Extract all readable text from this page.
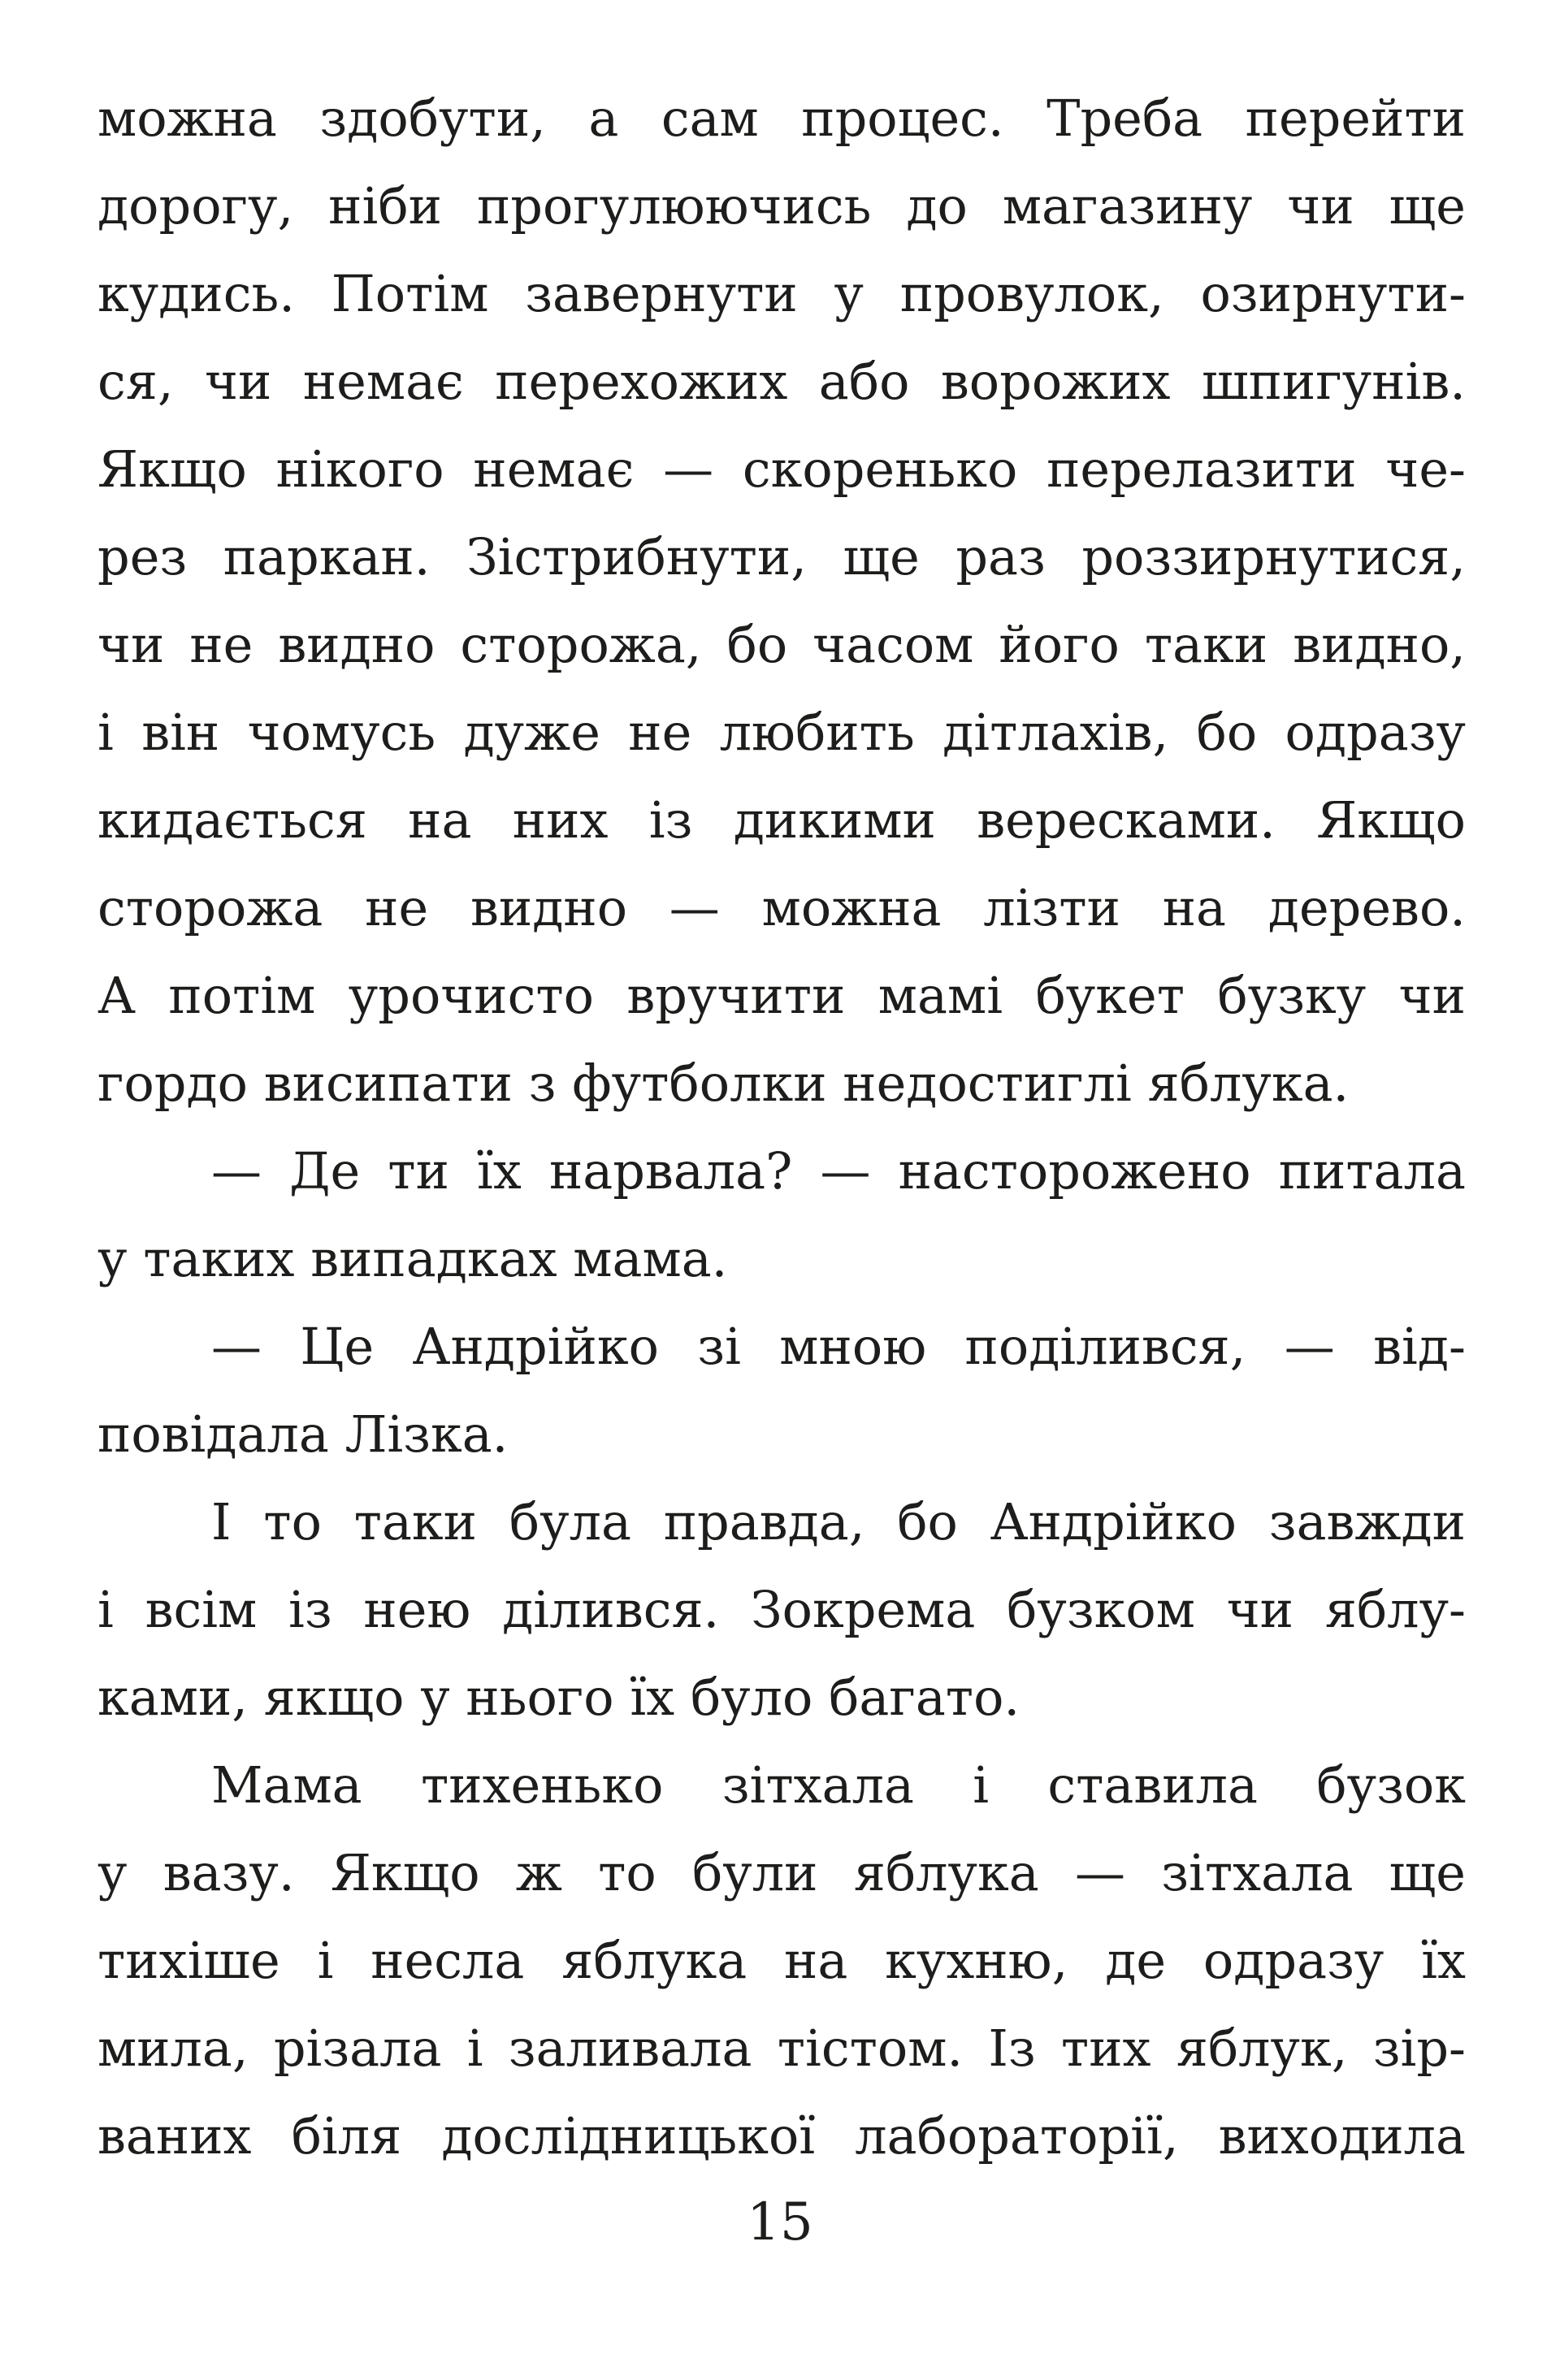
можна здобути, а сам процес. Треба перейти
дорогу, ніби прогулюючись до магазину чи ще
кудись. Потім завернути у провулок, озирнути-
ся, чи немає перехожих або ворожих шпигунів.
Якщо нікого немає — скоренько перелазити че-
рез паркан. Зістрибнути, ще раз роззирнутися,
чи не видно сторожа, бо часом його таки видно,
і він чомусь дуже не любить дітлахів, бо одразу
кидається на них із дикими вересками. Якщо
сторожа не видно — можна лізти на дерево.
А потім урочисто вручити мамі букет бузку чи
гордо висипати з футболки недостиглі яблука.
— Де ти їх нарвала? — насторожено питала
у таких випадках мама.
— Це Андрійко зі мною поділився, — від-
повідала Лізка.
І то таки була правда, бо Андрійко завжди
і всім із нею ділився. Зокрема бузком чи яблу-
ками, якщо у нього їх було багато.
Мама тихенько зітхала і ставила бузок
у вазу. Якщо ж то були яблука — зітхала ще
тихіше і несла яблука на кухню, де одразу їх
мила, різала і заливала тістом. Із тих яблук, зір-
ваних біля дослідницької лабораторії, виходила
15
